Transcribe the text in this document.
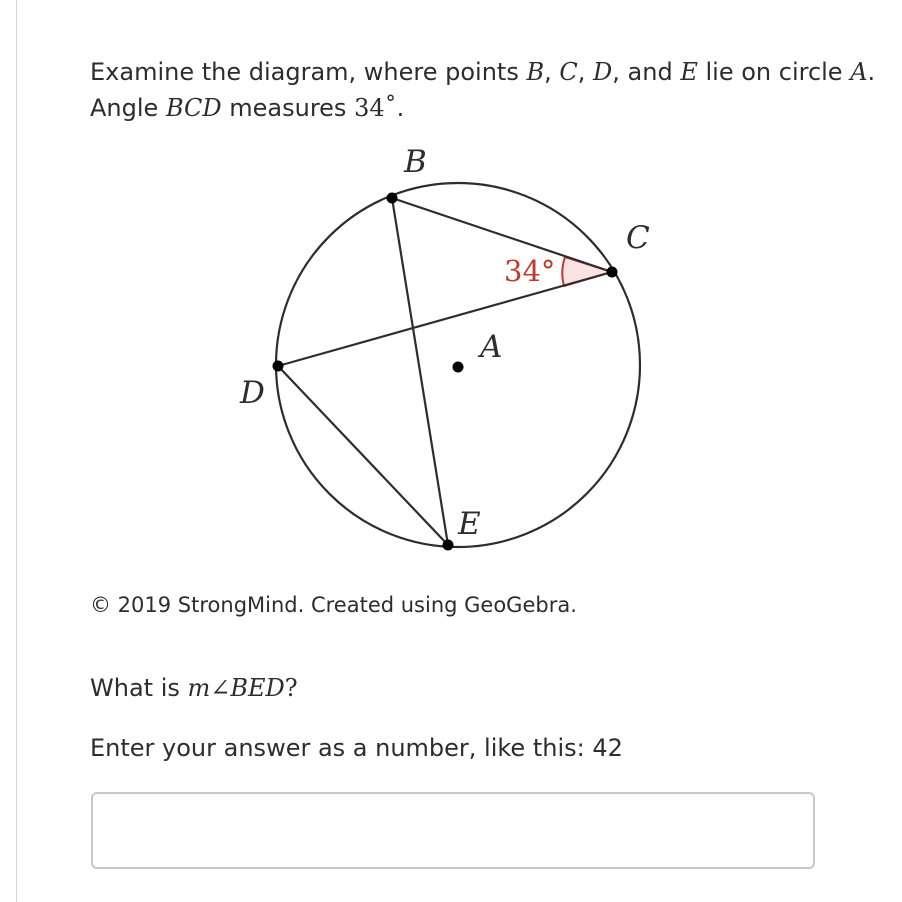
Examine the diagram, where points B, C, D, and E lie on circle A.
Angle BCD measures 34˚.
B
C
D
E
A
34°
© 2019 StrongMind. Created using GeoGebra.
What is m∠BED?
Enter your answer as a number, like this: 42
